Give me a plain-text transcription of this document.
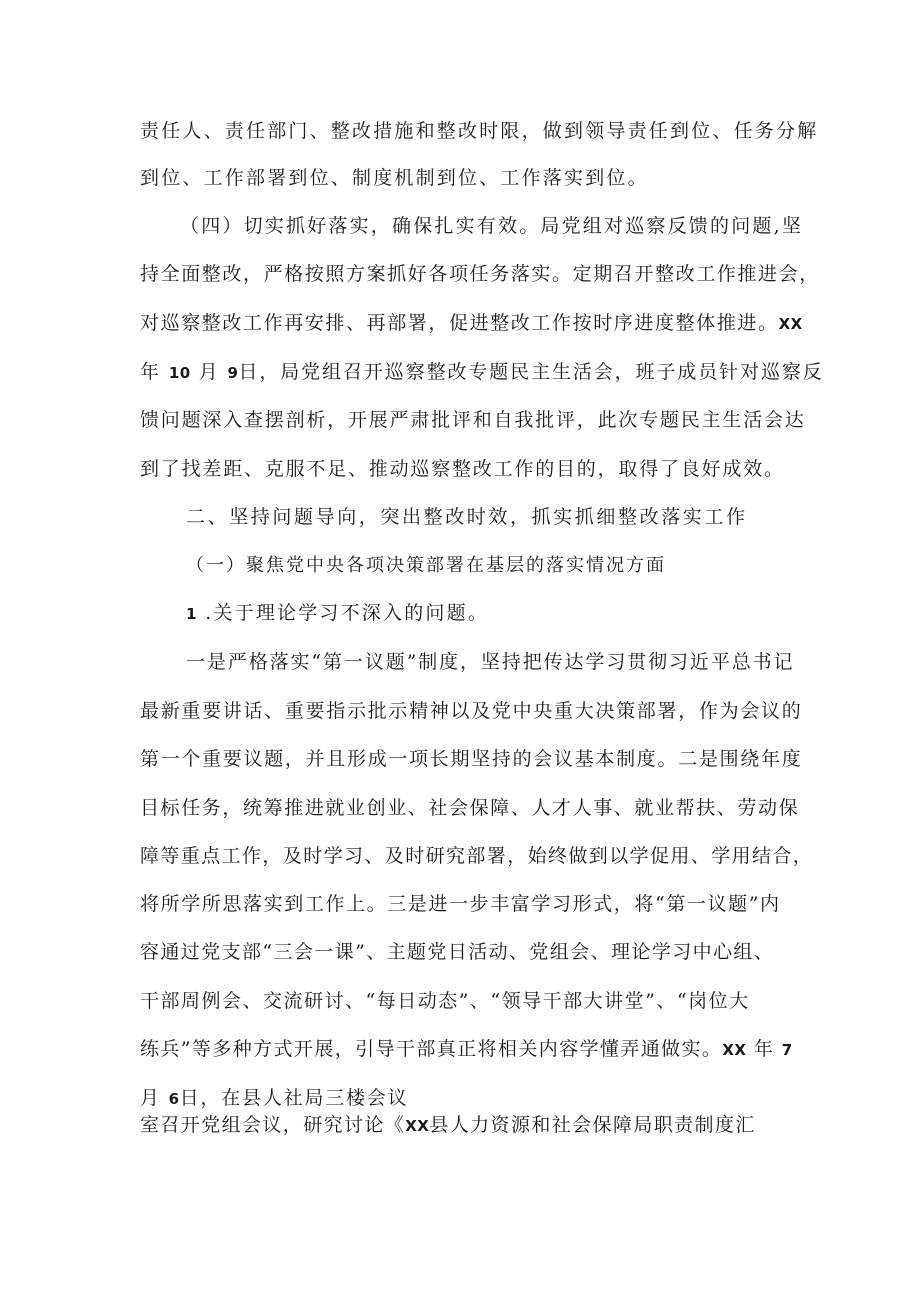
责任人、责任部门、整改措施和整改时限，做到领导责任到位、任务分解
到位、工作部署到位、制度机制到位、工作落实到位。
（四）切实抓好落实，确保扎实有效。局党组对巡察反馈的问题,坚
持全面整改，严格按照方案抓好各项任务落实。定期召开整改工作推进会，
对巡察整改工作再安排、再部署，促进整改工作按时序进度整体推进。XX
年 10 月 9日，局党组召开巡察整改专题民主生活会，班子成员针对巡察反
馈问题深入查摆剖析，开展严肃批评和自我批评，此次专题民主生活会达
到了找差距、克服不足、推动巡察整改工作的目的，取得了良好成效。
二、坚持问题导向，突出整改时效，抓实抓细整改落实工作
（一）聚焦党中央各项决策部署在基层的落实情况方面
1 .关于理论学习不深入的问题。
一是严格落实“第一议题”制度，坚持把传达学习贯彻习近平总书记
最新重要讲话、重要指示批示精神以及党中央重大决策部署，作为会议的
第一个重要议题，并且形成一项长期坚持的会议基本制度。二是围绕年度
目标任务，统筹推进就业创业、社会保障、人才人事、就业帮扶、劳动保
障等重点工作，及时学习、及时研究部署，始终做到以学促用、学用结合，
将所学所思落实到工作上。三是进一步丰富学习形式，将“第一议题”内
容通过党支部“三会一课”、主题党日活动、党组会、理论学习中心组、
干部周例会、交流研讨、“每日动态”、“领导干部大讲堂”、“岗位大
练兵”等多种方式开展，引导干部真正将相关内容学懂弄通做实。XX 年 7
月 6日，在县人社局三楼会议
室召开党组会议，研究讨论《XX县人力资源和社会保障局职责制度汇
